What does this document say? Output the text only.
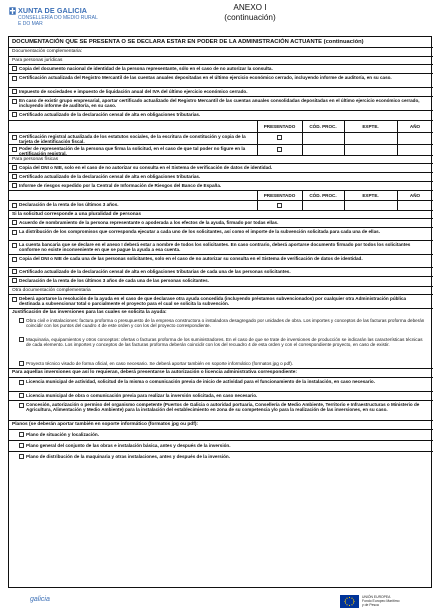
XUNTA DE GALICIA
CONSELLERÍA DO MEDIO RURAL
E DO MAR
ANEXO I
(continuación)
DOCUMENTACIÓN QUE SE PRESENTA O SE DECLARA ESTAR EN PODER DE LA ADMINISTRACIÓN ACTUANTE (continuación)
Documentación complementaria:
Para personas jurídicas
Copia del documento nacional de identidad de la persona representante, sólo en el caso de no autorizar la consulta.
Certificación actualizada del Registro Mercantil de las cuentas anuales depositadas en el último ejercicio económico cerrado, incluyendo informe de auditoría, en su caso.
Impuesto de sociedades e impuesto de liquidación anual del IVA del último ejercicio económico cerrado.
En caso de existir grupo empresarial, aportar certificado actualizado del Registro Mercantil de las cuentas anuales consolidadas depositadas en el último ejercicio económico cerrado, incluyendo informe de auditoría, en su caso.
Certificado actualizado de la declaración censal de alta en obligaciones tributarias.
PRESENTADO	CÓD. PROC.	EXPTE.	AÑO
Certificación registral actualizada de los estatutos sociales, de la escritura de constitución y copia de la tarjeta de identificación fiscal.
Poder de representación de la persona que firma la solicitud, en el caso de que tal poder no figure en la certificación registral.
Para personas físicas
Copia del DNI o NIE, solo en el caso de no autorizar su consulta en el Sistema de verificación de datos de identidad.
Certificado actualizado de la declaración censal de alta en obligaciones tributarias.
Informe de riesgos expedido por la Central de Información de Riesgos del Banco de España.
PRESENTADO	CÓD. PROC.	EXPTE.	AÑO
Declaración de la renta de los últimos 3 años.
Si la solicitud corresponde a una pluralidad de personas
Acuerdo de nombramiento de la persona representante o apoderada a los efectos de la ayuda, firmado por todas ellas.
La distribución de los compromisos que corresponda ejecutar a cada uno de los solicitantes, así como el importe de la subvención solicitada para cada una de ellas.
La cuenta bancaria que se declare en el anexo I deberá estar a nombre de todos los solicitantes. En caso contrario, deberá aportarse documento firmado por todos los solicitantes conforme no existe inconveniente en que se pague la ayuda a esa cuenta.
Copia del DNI o NIE de cada una de las personas solicitantes, solo en el caso de no autorizar su consulta en el Sistema de verificación de datos de identidad.
Certificado actualizado de la declaración censal de alta en obligaciones tributarias de cada una de las personas solicitantes.
Declaración de la renta de los últimos 3 años de cada una de las personas solicitantes.
Otra documentación complementaria
Deberá aportarse la resolución de la ayuda en el caso de que declarase otra ayuda concedida (incluyendo préstamos subvencionados) por cualquier otra Administración pública destinada a subvencionar total o parcialmente el proyecto para el cual se solicita la subvención.
Justificación de las inversiones para las cuales se solicita la ayuda:
Obra civil e instalaciones: factura proforma o presupuesto de la empresa constructora o instaladora desagregado por unidades de obra. Los importes y conceptos de las facturas proforma deberán coincidir con los puntos del cuadro 4 de este orden y con los del proyecto correspondiente.
Maquinaria, equipamientos y otros conceptos: ofertas o facturas proforma de los suministradores. En el caso de que se trate de inversiones de producción se indicarán las características técnicas de cada elemento. Los importes y conceptos de las facturas proforma deberán coincidir con los del recuadro 4 de esta orden y con el correspondiente proyecto, en caso de existir.
Proyecto técnico visado de forma oficial, en caso necesario. Se deberá aportar también en soporte informático (formatos jpg o pdf).
Para aquellas inversiones que así lo requieran, deberá presentarse la autorización o licencia administrativa correspondiente:
Licencia municipal de actividad, solicitud de la misma o comunicación previa de inicio de actividad para el funcionamiento de la instalación, en caso necesario.
Licencia municipal de obra o comunicación previa para realizar la inversión solicitada, en caso necesario.
Concesión, autorización o permiso del organismo competente (Puertos de Galicia o autoridad portuaria, Consellería de Medio Ambiente, Territorio e Infraestructuras o Ministerio de Agricultura, Alimentación y Medio Ambiente) para la instalación del establecimiento en zona de su competencia y/o para la realización de las inversiones, en su caso.
Planos (se deberán aportar también en soporte informático (formatos jpg ou pdf):
Plano de situación y localización.
Plano general del conjunto de las obras e instalación básica, antes y después de la inversión.
Plano de distribución de la maquinaria y otras instalaciones, antes y después de la inversión.
galicia	UNIÓN EUROPEA
Fondo Europeo Marítimo
y de Pesca
